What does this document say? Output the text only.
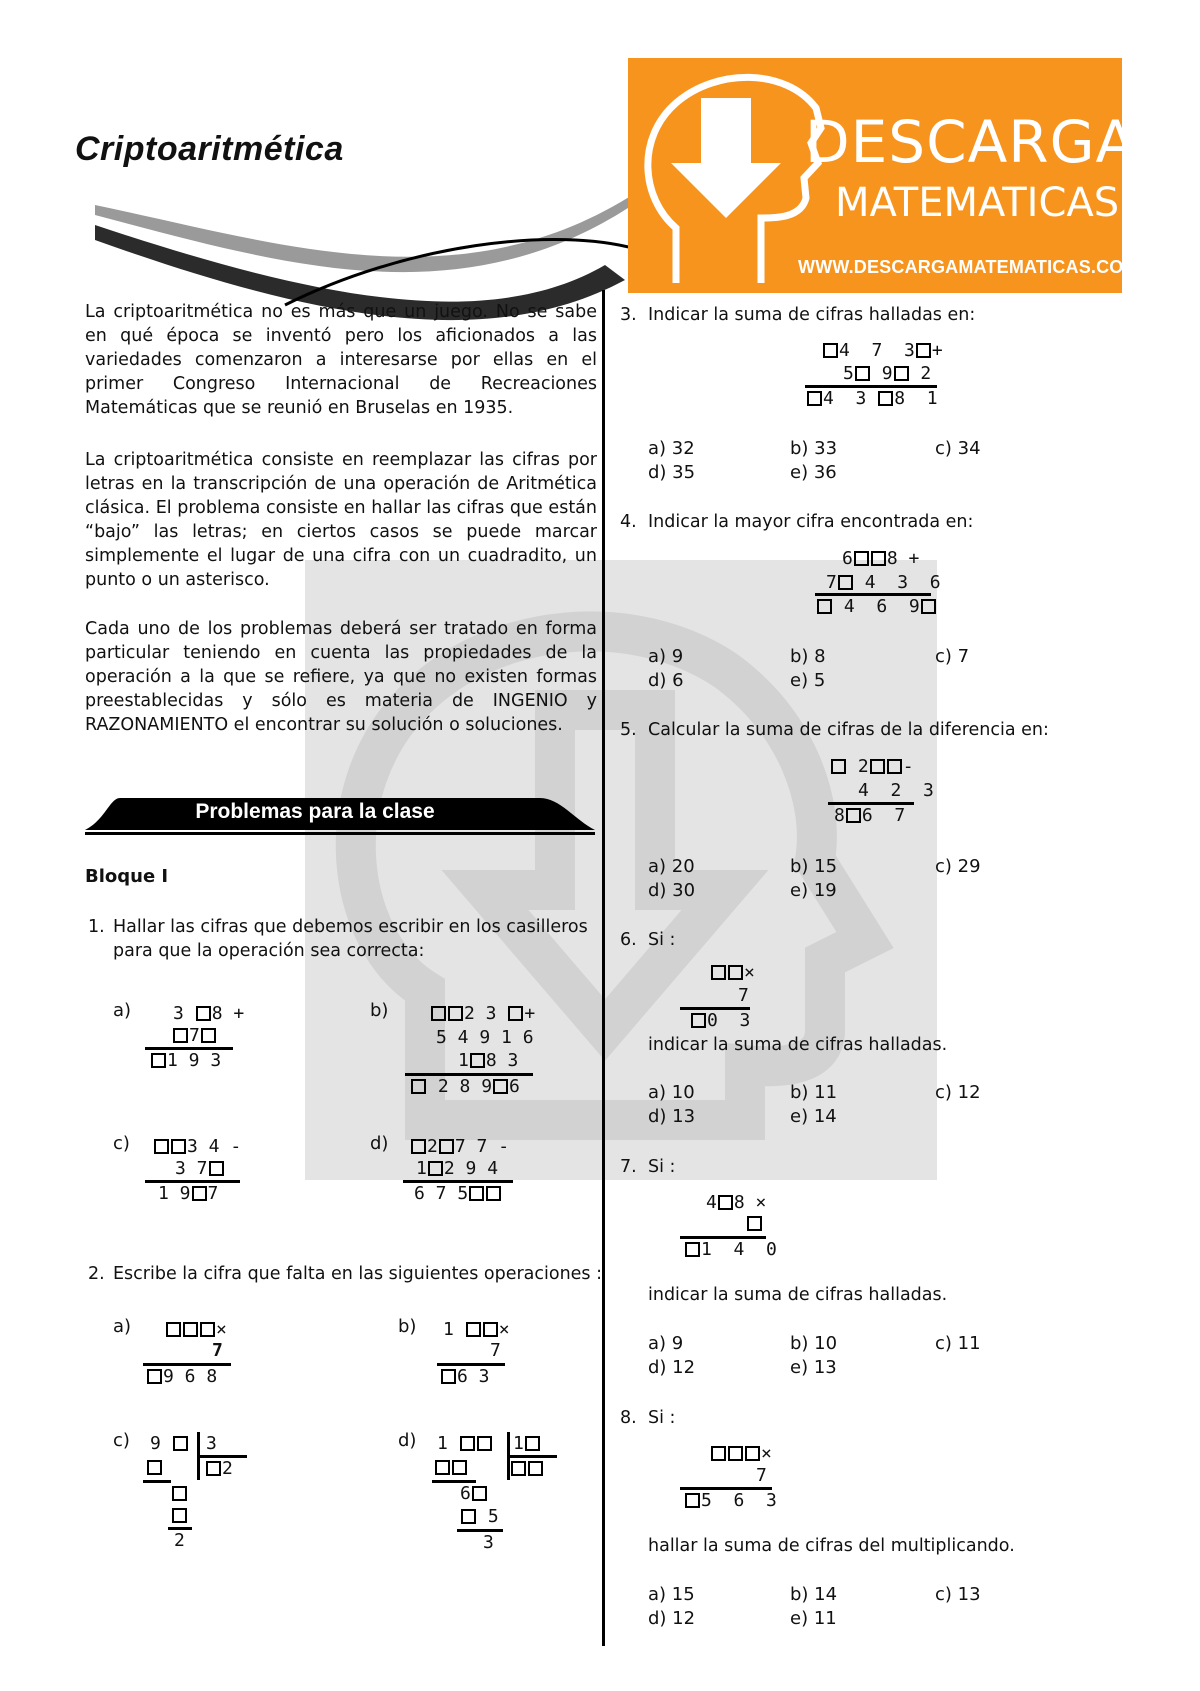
Criptoaritmética	DESCARGA
MATEMATICAS
WWW.DESCARGAMATEMATICAS.COM

La criptoaritmética no es más que un juego. No se sabe en qué época se inventó pero los aficionados a las variedades comenzaron a interesarse por ellas en el primer Congreso Internacional de Recreaciones Matemáticas que se reunió en Bruselas en 1935.

La criptoaritmética consiste en reemplazar las cifras por letras en la transcripción de una operación de Aritmética clásica. El problema consiste en hallar las cifras que están “bajo” las letras; en ciertos casos se puede marcar simplemente el lugar de una cifra con un cuadradito, un punto o un asterisco.

Cada uno de los problemas deberá ser tratado en forma particular teniendo en cuenta las propiedades de la operación a la que se refiere, ya que no existen formas preestablecidas y sólo es materia de INGENIO y RAZONAMIENTO el encontrar su solución o soluciones.

Problemas para la clase
Bloque I
1. Hallar las cifras que debemos escribir en los casilleros
para que la operación sea correcta:
a) 3 8 +
7
1 9 3
b)	2 3 +
5 4 9 1 6
1 8 3
2 8 9 6
c)	3 4 -
3 7
1 9 7
d)	2 7 7 -
1 2 9 4
6 7 5
2. Escribe la cifra que falta en las siguientes operaciones :
a)	×
7
9 6 8
b) 1 ×
7
6 3
c) 9	3
2
2
d) 1	1
6
5
3
3. Indicar la suma de cifras halladas en:
4  7  3 +
5 9 2
4  3 8  1
a) 32	b) 33	c) 34
d) 35	e) 36
4. Indicar la mayor cifra encontrada en:
6 8 +
7 4  3  6
4  6  9
a) 9	b) 8	c) 7
d) 6	e) 5
5. Calcular la suma de cifras de la diferencia en:
2 -
4  2  3
8 6  7
a) 20	b) 15	c) 29
d) 30	e) 19
6. Si :
×
7
0  3
indicar la suma de cifras halladas.
a) 10	b) 11	c) 12
d) 13	e) 14
7. Si :
4 8 ×
1  4  0
indicar la suma de cifras halladas.
a) 9	b) 10	c) 11
d) 12	e) 13
8. Si :
×
7
5  6  3
hallar la suma de cifras del multiplicando.
a) 15	b) 14	c) 13
d) 12	e) 11
